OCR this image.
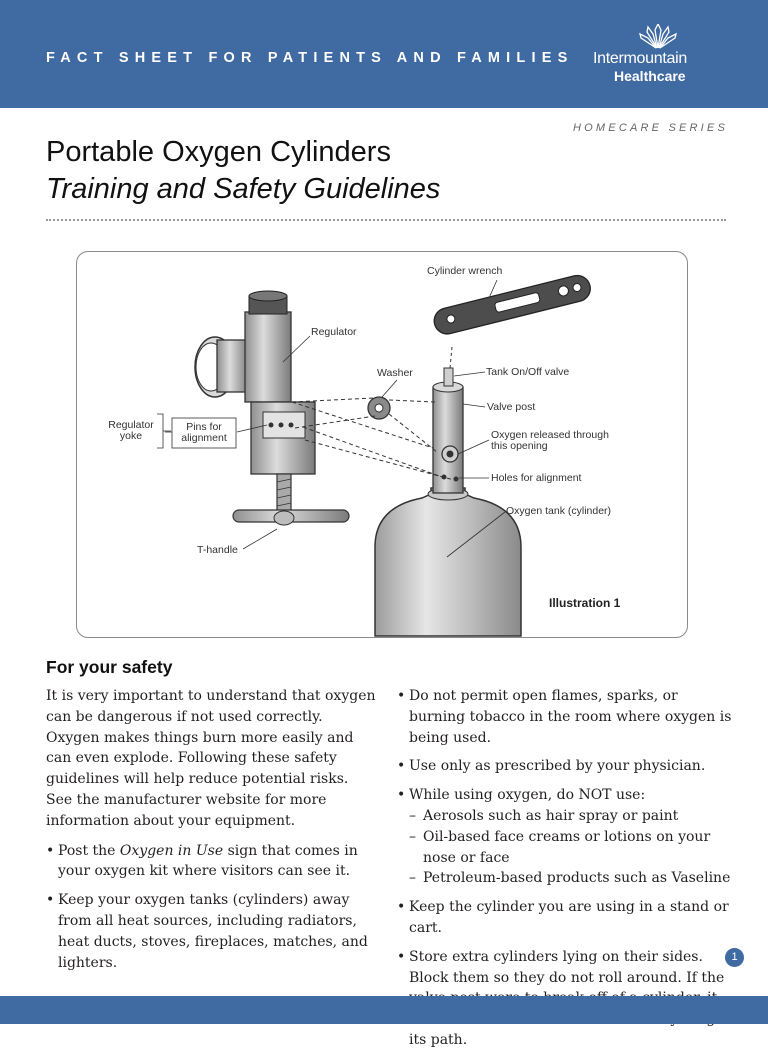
FACT SHEET FOR PATIENTS AND FAMILIES Intermountain
Healthcare
HOMECARE SERIES
Portable Oxygen Cylinders
Training and Safety Guidelines
Cylinder wrench
Regulator
Washer	Tank On/Off valve
Valve post
Oxygen released through
this opening
Holes for alignment
Oxygen tank (cylinder)
Regulator
yoke
Pins for
alignment
T-handle
Illustration 1
For your safety

It is very important to understand that oxygen can be dangerous if not used correctly. Oxygen makes things burn more easily and can even explode. Following these safety guidelines will help reduce potential risks. See the manufacturer website for more information about your equipment.

• Post the Oxygen in Use sign that comes in your oxygen kit where visitors can see it.
• Keep your oxygen tanks (cylinders) away from all heat sources, including radiators, heat ducts, stoves, fireplaces, matches, and lighters.
• Do not permit open flames, sparks, or burning tobacco in the room where oxygen is being used.
• Use only as prescribed by your physician.
• While using oxygen, do NOT use:
– Aerosols such as hair spray or paint
– Oil-based face creams or lotions on your nose or face
– Petroleum-based products such as Vaseline
• Keep the cylinder you are using in a stand or cart.
• Store extra cylinders lying on their sides. Block them so they do not roll around. If the its path.
1
